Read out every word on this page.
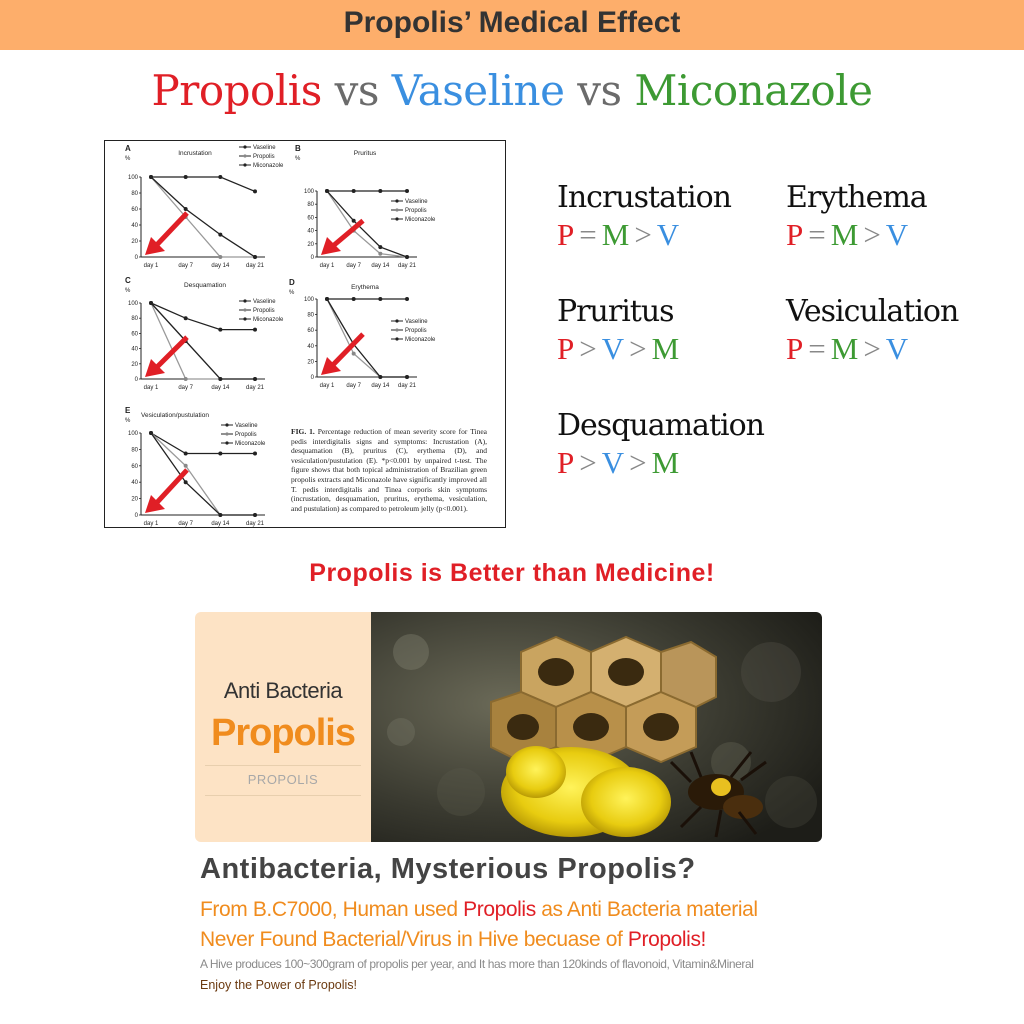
Propolis’ Medical Effect
Propolis vs Vaseline vs Miconazole
A
%
Incrustation
100
80
60
40
20
0
day 1	day 7	day 14	day 21
Vaseline
Propolis
Miconazole
B
%
Pruritus
100
80
60
40
20
0
day 1 day 7 day 14 day 21
Vaseline
Propolis
Miconazole
C
%
Desquamation
100
80
60
40
20
0
day 1	day 7	day 14	day 21
Vaseline
Propolis
Miconazole
D
%
Erythema
100
80
60
40
20
0
day 1 day 7 day 14 day 21
Vaseline
Propolis
Miconazole
E
%
Vesiculation/pustulation
100
80
60
40
20
0
day 1	day 7	day 14	day 21
Vaseline
Propolis
Miconazole
FIG. 1. Percentage reduction of mean severity score for Tinea pedis interdigitalis signs and symptoms: Incrustation (A), desquamation (B), pruritus (C), erythema (D), and vesiculation/pustulation (E). *p<0.001 by unpaired t-test. The figure shows that both topical administration of Brazilian green propolis extracts and Miconazole have significantly improved all T. pedis interdigitalis and Tinea corporis skin symptoms (incrustation, desquamation, pruritus, erythema, vesiculation, and pustulation) as compared to petroleum jelly (p<0.001).
Incrustation
P = M > V
Erythema
P = M > V
Pruritus
P > V > M
Vesiculation
P = M > V
Desquamation
P > V > M
Propolis is Better than Medicine!
Anti Bacteria
Propolis
PROPOLIS
Antibacteria, Mysterious Propolis?
From B.C7000, Human used Propolis as Anti Bacteria material
Never Found Bacterial/Virus in Hive becuase of Propolis!
A Hive produces 100~300gram of propolis per year, and It has more than 120kinds of flavonoid, Vitamin&Mineral
Enjoy the Power of Propolis!
